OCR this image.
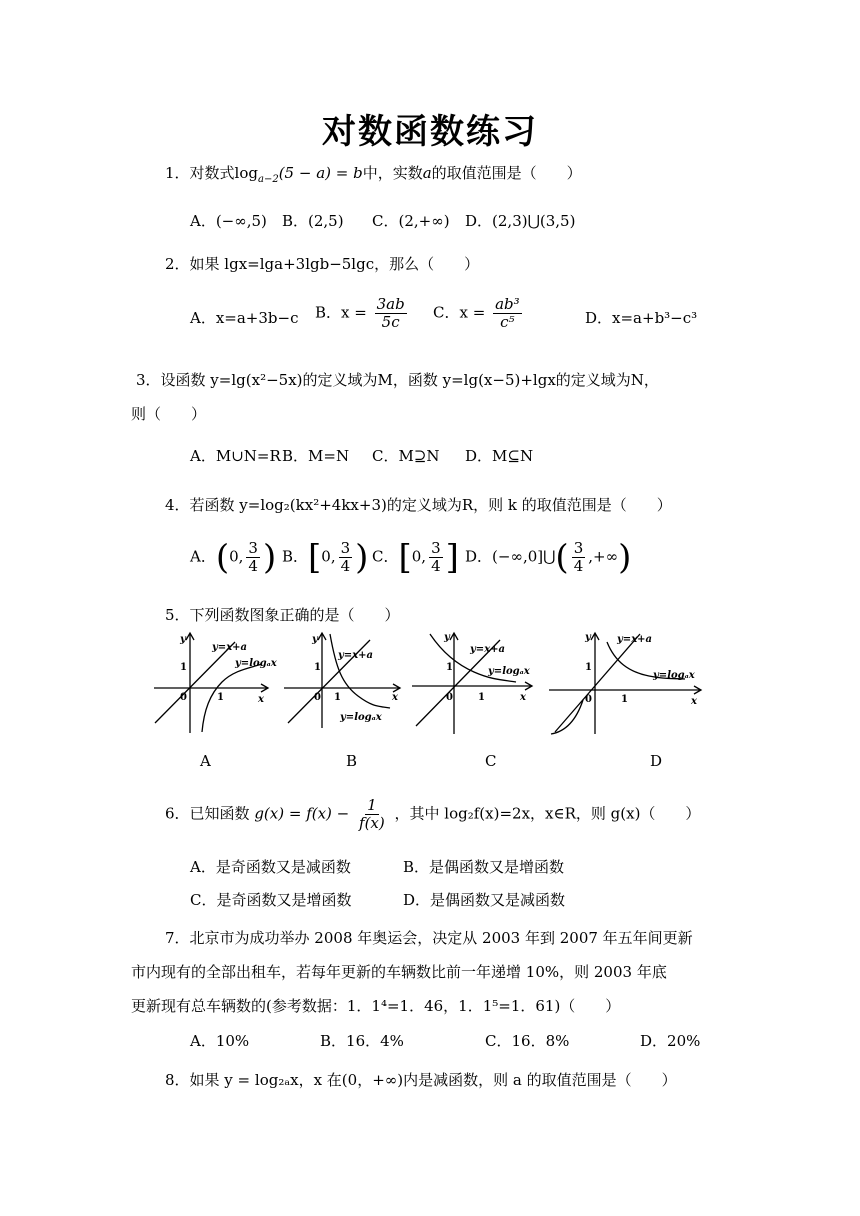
对数函数练习
1．对数式$\log_{a-2}(5 - a) = b$中，实数a的取值范围是（　　）
A．(−∞,5) B．(2,5) C．(2,+∞) D．(2,3)⋃(3,5)
2．如果 lgx=lga+3lgb−5lgc，那么（　　）
A．x=a+3b−c B．$x = \frac{3ab}{5c}$ C．$x = \frac{\text{ab³}}{\text{c⁵}}$	D．x=a+b³−c³
3．设函数 y=lg(x²−5x)的定义域为M，函数 y=lg(x−5)+lgx的定义域为N，
则（　　）
A．M∪N=R B．M=N C．M⊇N D．M⊆N
4．若函数 y=log₂(kx²+4kx+3)的定义域为R，则 k 的取值范围是（　　）
A．(0, $\frac{3}{4}$ ) B．[0, $\frac{3}{4}$ ) C．[0, $\frac{3}{4}$ ] D．(−∞,0]⋃( $\frac{3}{4}$ ,+∞)
5．下列函数图象正确的是（　　）
y
x
y=x+a
y=logₐx
1
0	1
y
x
y=x+a
y=logₐx
1
0 1
y
x
y=x+a
y=logₐx
1
0	1
y
x
y=x+a
y=logₐx
1
0	1
A	B	C	D
6．已知函数 $g(x) = f(x) - \frac{1}{f(x)}$ ，其中 log₂f(x)=2x，x∈R，则 g(x)（　　）
A．是奇函数又是减函数	B．是偶函数又是增函数
C．是奇函数又是增函数	D．是偶函数又是减函数
7．北京市为成功举办 2008 年奥运会，决定从 2003 年到 2007 年五年间更新
市内现有的全部出租车，若每年更新的车辆数比前一年递增 10%，则 2003 年底
更新现有总车辆数的(参考数据：1．1⁴=1．46，1．1⁵=1．61)（　　）
A．10%	B．16．4%	C．16．8%	D．20%
8．如果 y = log₂ₐx，x 在(0，+∞)内是减函数，则 a 的取值范围是（　　）
